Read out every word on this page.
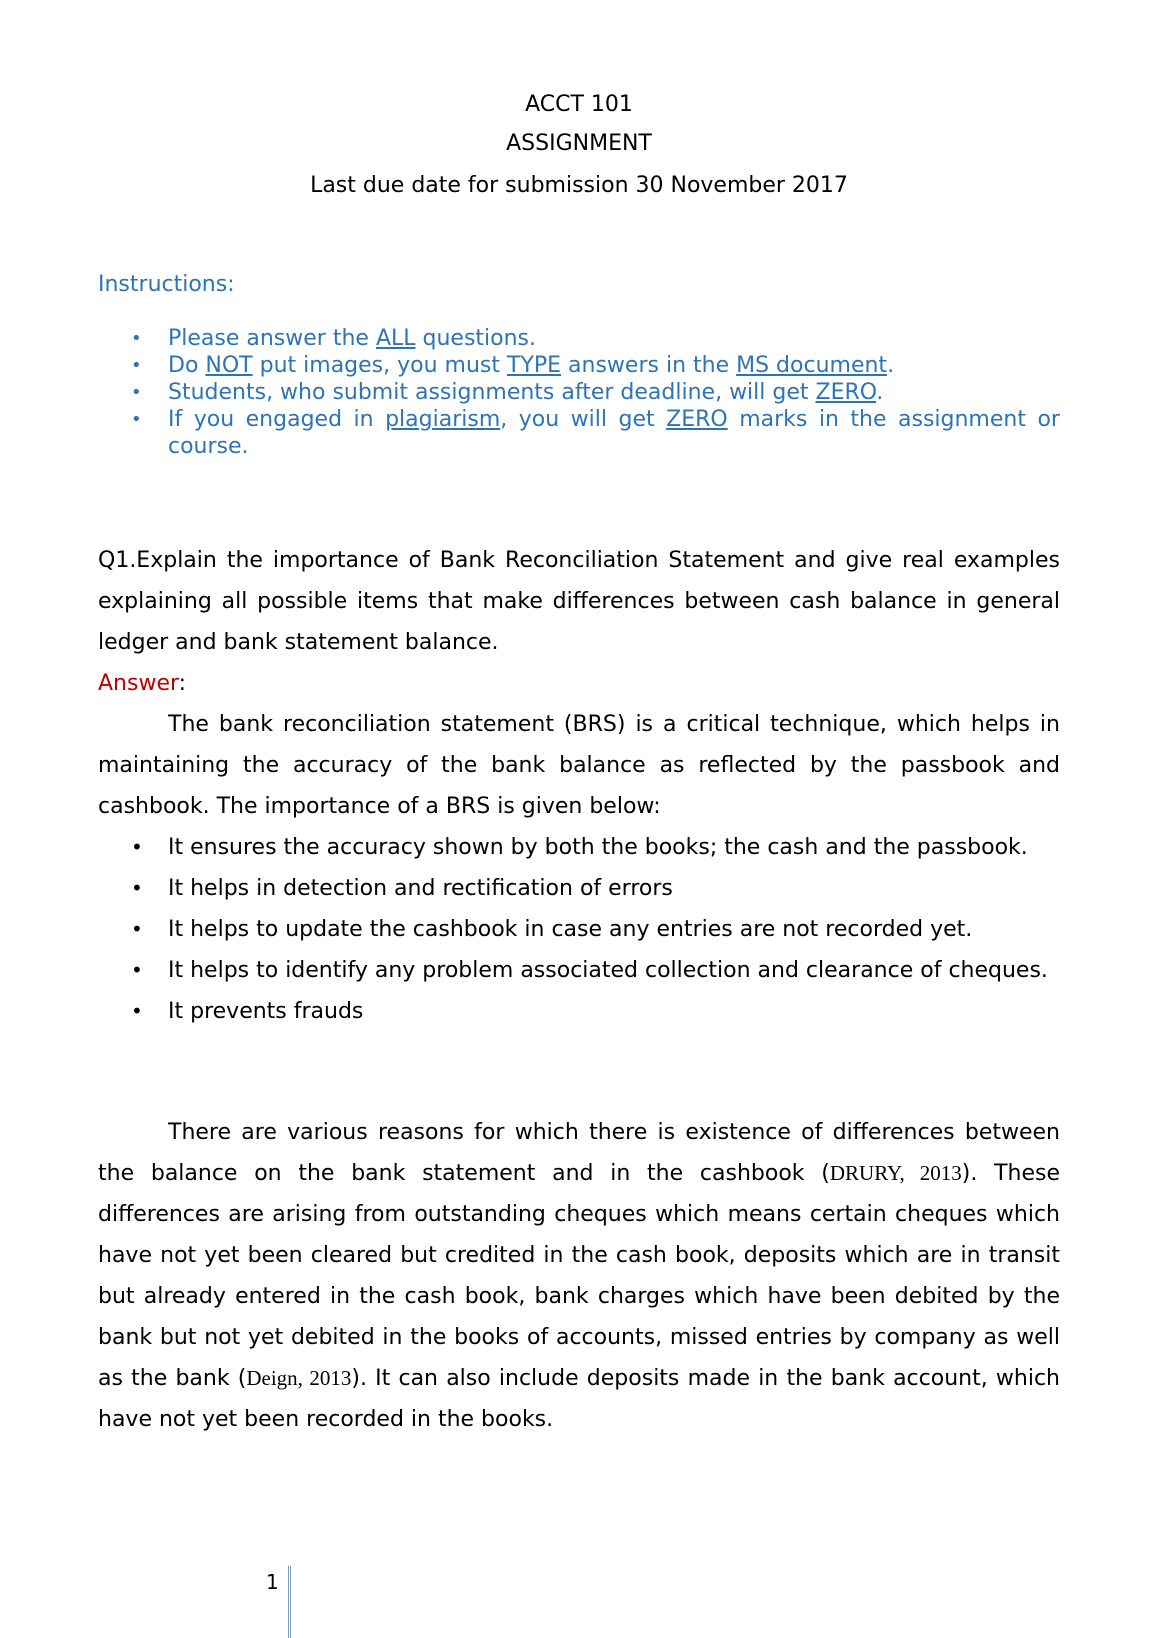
ACCT 101
ASSIGNMENT
Last due date for submission 30 November 2017
Instructions:
• Please answer the ALL questions.
• Do NOT put images, you must TYPE answers in the MS document.
• Students, who submit assignments after deadline, will get ZERO.
• If you engaged in plagiarism, you will get ZERO marks in the assignment or course.
Q1.Explain the importance of Bank Reconciliation Statement and give real examples explaining all possible items that make differences between cash balance in general ledger and bank statement balance.
Answer:
The bank reconciliation statement (BRS) is a critical technique, which helps in maintaining the accuracy of the bank balance as reflected by the passbook and cashbook. The importance of a BRS is given below:
• It ensures the accuracy shown by both the books; the cash and the passbook.
• It helps in detection and rectification of errors
• It helps to update the cashbook in case any entries are not recorded yet.
• It helps to identify any problem associated collection and clearance of cheques.
• It prevents frauds
There are various reasons for which there is existence of differences between the balance on the bank statement and in the cashbook (DRURY, 2013). These differences are arising from outstanding cheques which means certain cheques which have not yet been cleared but credited in the cash book, deposits which are in transit but already entered in the cash book, bank charges which have been debited by the bank but not yet debited in the books of accounts, missed entries by company as well as the bank (Deign, 2013). It can also include deposits made in the bank account, which have not yet been recorded in the books.
1
